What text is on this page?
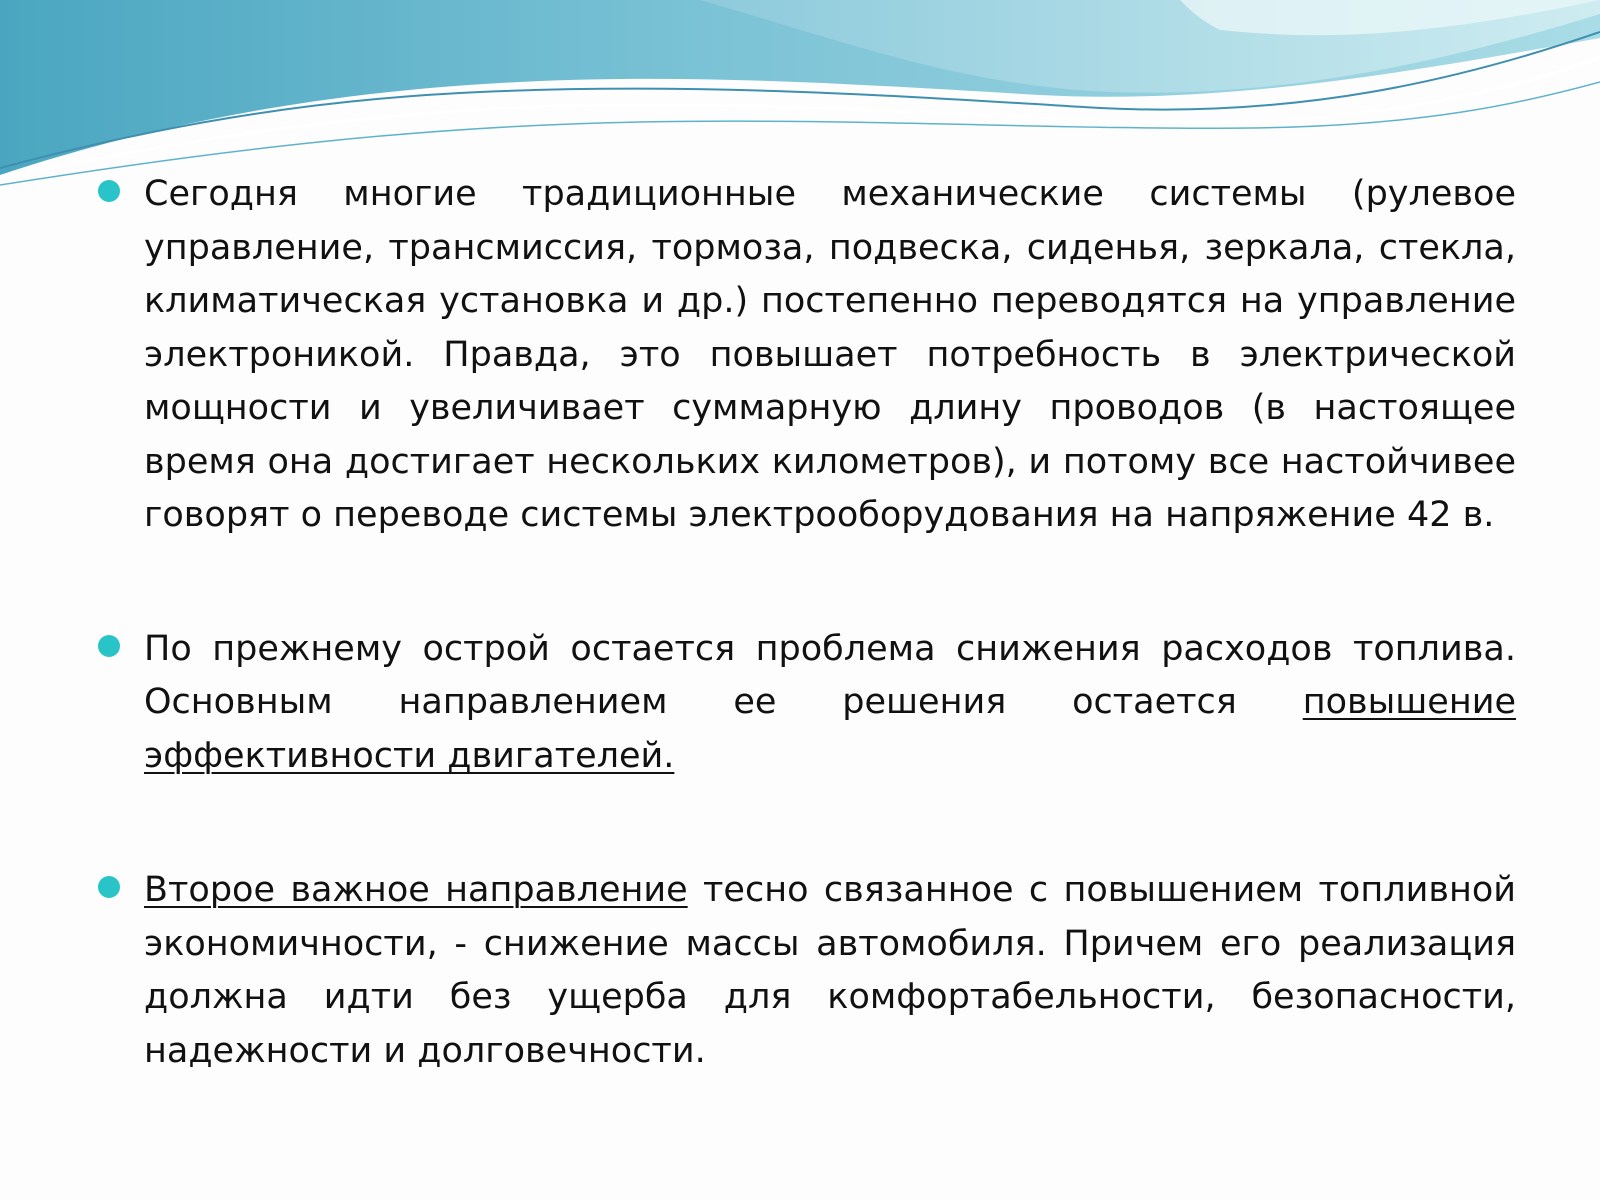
Сегодня многие традиционные механические системы (рулевое управление, трансмиссия, тормоза, подвеска, сиденья, зеркала, стекла, климатическая установка и др.) постепенно переводятся на управление электроникой. Правда, это повышает потребность в электрической мощности и увеличивает суммарную длину проводов (в настоящее время она достигает нескольких километров), и потому все настойчивее говорят о переводе системы электрооборудования на напряжение 42 в.

По прежнему острой остается проблема снижения расходов топлива. Основным направлением ее решения остается повышение эффективности двигателей.

Второе важное направление тесно связанное с повышением топливной экономичности, - снижение массы автомобиля. Причем его реализация должна идти без ущерба для комфортабельности, безопасности, надежности и долговечности.
